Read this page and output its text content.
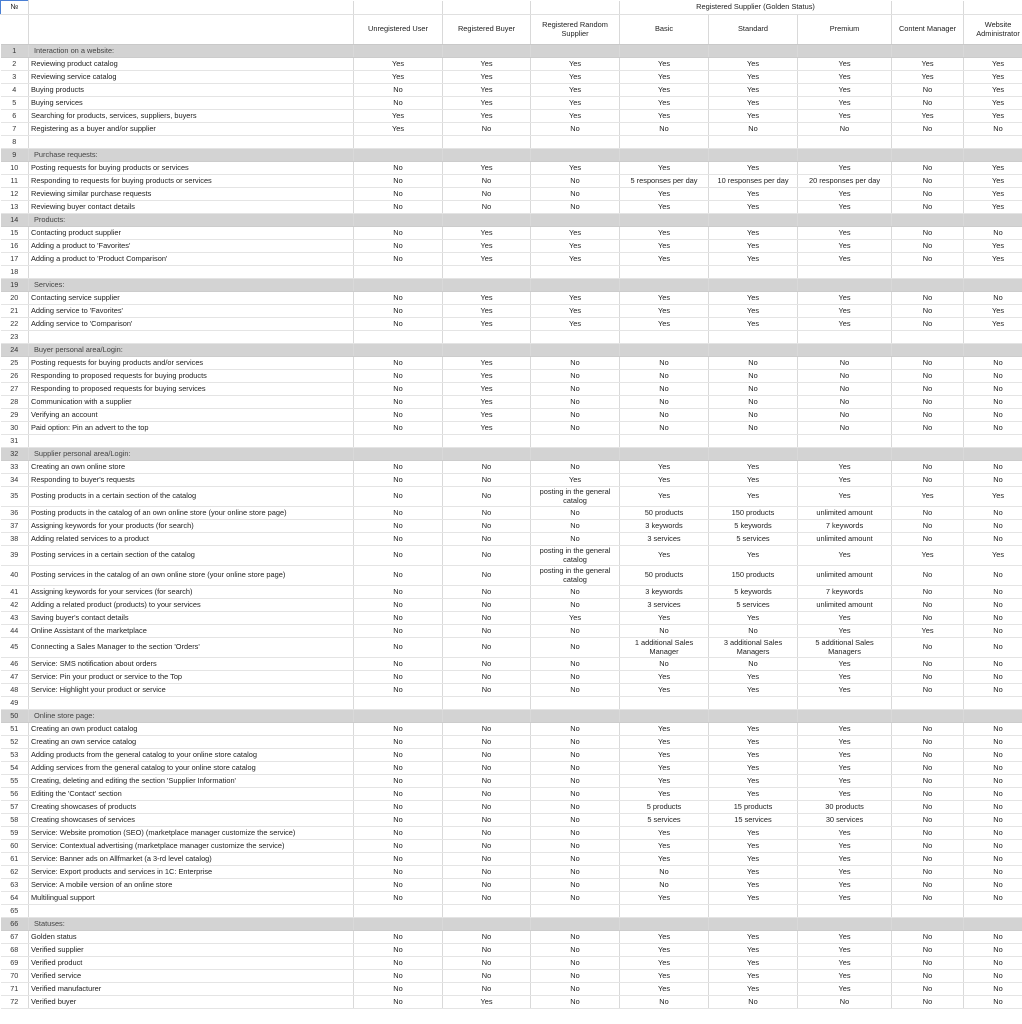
№					Registered Supplier (Golden Status)				
		Unregistered User	Registered Buyer	Registered Random Supplier	Basic	Standard	Premium	Content Manager	Website Administrator
1	Interaction on a website:								
2	Reviewing product catalog	Yes	Yes	Yes	Yes	Yes	Yes	Yes	Yes
3	Reviewing service catalog	Yes	Yes	Yes	Yes	Yes	Yes	Yes	Yes
4	Buying products	No	Yes	Yes	Yes	Yes	Yes	No	Yes
5	Buying services	No	Yes	Yes	Yes	Yes	Yes	No	Yes
6	Searching for products, services, suppliers, buyers	Yes	Yes	Yes	Yes	Yes	Yes	Yes	Yes
7	Registering as a buyer and/or supplier	Yes	No	No	No	No	No	No	No
8									
9	Purchase requests:								
10	Posting requests for buying products or services	No	Yes	Yes	Yes	Yes	Yes	No	Yes
11	Responding to requests for buying products or services	No	No	No	5 responses per day	10 responses per day	20 responses per day	No	Yes
12	Reviewing similar purchase requests	No	No	No	Yes	Yes	Yes	No	Yes
13	Reviewing buyer contact details	No	No	No	Yes	Yes	Yes	No	Yes
14	Products:								
15	Contacting product supplier	No	Yes	Yes	Yes	Yes	Yes	No	No
16	Adding a product to 'Favorites'	No	Yes	Yes	Yes	Yes	Yes	No	Yes
17	Adding a product to 'Product Comparison'	No	Yes	Yes	Yes	Yes	Yes	No	Yes
18									
19	Services:								
20	Contacting service supplier	No	Yes	Yes	Yes	Yes	Yes	No	No
21	Adding service to 'Favorites'	No	Yes	Yes	Yes	Yes	Yes	No	Yes
22	Adding service to 'Comparison'	No	Yes	Yes	Yes	Yes	Yes	No	Yes
23									
24	Buyer personal area/Login:								
25	Posting requests for buying products and/or services	No	Yes	No	No	No	No	No	No
26	Responding to proposed requests for buying products	No	Yes	No	No	No	No	No	No
27	Responding to proposed requests for buying services	No	Yes	No	No	No	No	No	No
28	Communication with a supplier	No	Yes	No	No	No	No	No	No
29	Verifying an account	No	Yes	No	No	No	No	No	No
30	Paid option: Pin an advert to the top	No	Yes	No	No	No	No	No	No
31									
32	Supplier personal area/Login:								
33	Creating an own online store	No	No	No	Yes	Yes	Yes	No	No
34	Responding to buyer's requests	No	No	Yes	Yes	Yes	Yes	No	No
35	Posting products in a certain section of the catalog	No	No	posting in the general catalog	Yes	Yes	Yes	Yes	Yes
36	Posting products in the catalog of an own online store (your online store page)	No	No	No	50 products	150 products	unlimited amount	No	No
37	Assigning keywords for your products (for search)	No	No	No	3 keywords	5 keywords	7 keywords	No	No
38	Adding related services to a product	No	No	No	3 services	5 services	unlimited amount	No	No
39	Posting services in a certain section of the catalog	No	No	posting in the general catalog	Yes	Yes	Yes	Yes	Yes
40	Posting services in the catalog of an own online store (your online store page)	No	No	posting in the general catalog	50 products	150 products	unlimited amount	No	No
41	Assigning keywords for your services (for search)	No	No	No	3 keywords	5 keywords	7 keywords	No	No
42	Adding a related product (products) to your services	No	No	No	3 services	5 services	unlimited amount	No	No
43	Saving buyer's contact details	No	No	Yes	Yes	Yes	Yes	No	No
44	Online Assistant of the marketplace	No	No	No	No	No	Yes	Yes	No
45	Connecting a Sales Manager to the section 'Orders'	No	No	No	1 additional Sales Manager	3 additional Sales Managers	5 additional Sales Managers	No	No
46	Service: SMS notification about orders	No	No	No	No	No	Yes	No	No
47	Service: Pin your product or service to the Top	No	No	No	Yes	Yes	Yes	No	No
48	Service: Highlight your product or service	No	No	No	Yes	Yes	Yes	No	No
49									
50	Online store page:								
51	Creating an own product catalog	No	No	No	Yes	Yes	Yes	No	No
52	Creating an own service catalog	No	No	No	Yes	Yes	Yes	No	No
53	Adding products from the general catalog to your online store catalog	No	No	No	Yes	Yes	Yes	No	No
54	Adding services from the general catalog to your online store catalog	No	No	No	Yes	Yes	Yes	No	No
55	Creating, deleting and editing the section 'Supplier Information'	No	No	No	Yes	Yes	Yes	No	No
56	Editing the 'Contact' section	No	No	No	Yes	Yes	Yes	No	No
57	Creating showcases of products	No	No	No	5 products	15 products	30 products	No	No
58	Creating showcases of services	No	No	No	5 services	15 services	30 services	No	No
59	Service: Website promotion (SEO) (marketplace manager customize the service)	No	No	No	Yes	Yes	Yes	No	No
60	Service: Contextual advertising (marketplace manager customize the service)	No	No	No	Yes	Yes	Yes	No	No
61	Service: Banner ads on Allfmarket (a 3-rd level catalog)	No	No	No	Yes	Yes	Yes	No	No
62	Service: Export products and services in 1C: Enterprise	No	No	No	No	Yes	Yes	No	No
63	Service: A mobile version of an online store	No	No	No	No	Yes	Yes	No	No
64	Multilingual support	No	No	No	Yes	Yes	Yes	No	No
65									
66	Statuses:								
67	Golden status	No	No	No	Yes	Yes	Yes	No	No
68	Verified supplier	No	No	No	Yes	Yes	Yes	No	No
69	Verified product	No	No	No	Yes	Yes	Yes	No	No
70	Verified service	No	No	No	Yes	Yes	Yes	No	No
71	Verified manufacturer	No	No	No	Yes	Yes	Yes	No	No
72	Verified buyer	No	Yes	No	No	No	No	No	No
